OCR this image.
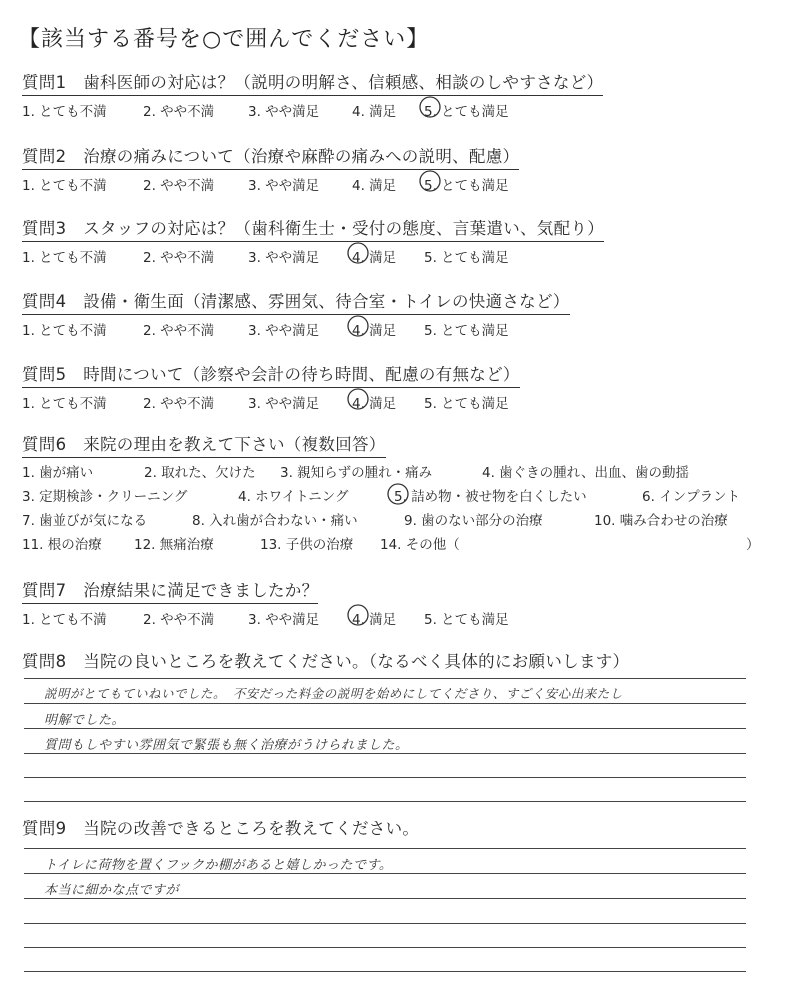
【該当する番号を○で囲んでください】
質問1　歯科医師の対応は？（説明の明解さ、信頼感、相談のしやすさなど）
1. とても不満	2. やや不満	3. やや満足 4. 満足 5. とても満足
質問2　治療の痛みについて（治療や麻酔の痛みへの説明、配慮）
1. とても不満	2. やや不満	3. やや満足 4. 満足 5. とても満足
質問3　スタッフの対応は？（歯科衛生士・受付の態度、言葉遣い、気配り）
1. とても不満	2. やや不満	3. やや満足 4. 満足 5. とても満足
質問4　設備・衛生面（清潔感、雰囲気、待合室・トイレの快適さなど）
1. とても不満	2. やや不満	3. やや満足 4. 満足 5. とても満足
質問5　時間について（診察や会計の待ち時間、配慮の有無など）
1. とても不満	2. やや不満	3. やや満足 4. 満足 5. とても満足
質問6　来院の理由を教えて下さい（複数回答）
1. 歯が痛い	2. 取れた、欠けた 3. 親知らずの腫れ・痛み	4. 歯ぐきの腫れ、出血、歯の動揺
3. 定期検診・クリーニング	4. ホワイトニング	5. 詰め物・被せ物を白くしたい	6. インプラント
7. 歯並びが気になる	8. 入れ歯が合わない・痛い	9. 歯のない部分の治療	10. 噛み合わせの治療
11. 根の治療 12. 無痛治療	13. 子供の治療 14. その他（	）
質問7　治療結果に満足できましたか？
1. とても不満	2. やや不満	3. やや満足 4. 満足 5. とても満足
質問8　当院の良いところを教えてください。（なるべく具体的にお願いします）
説明がとてもていねいでした。　不安だった料金の説明を始めにしてくださり、すごく安心出来たし
明解でした。
質問もしやすい雰囲気で緊張も無く治療がうけられました。
質問9　当院の改善できるところを教えてください。
トイレに荷物を置くフックか棚があると嬉しかったです。
本当に細かな点ですが
